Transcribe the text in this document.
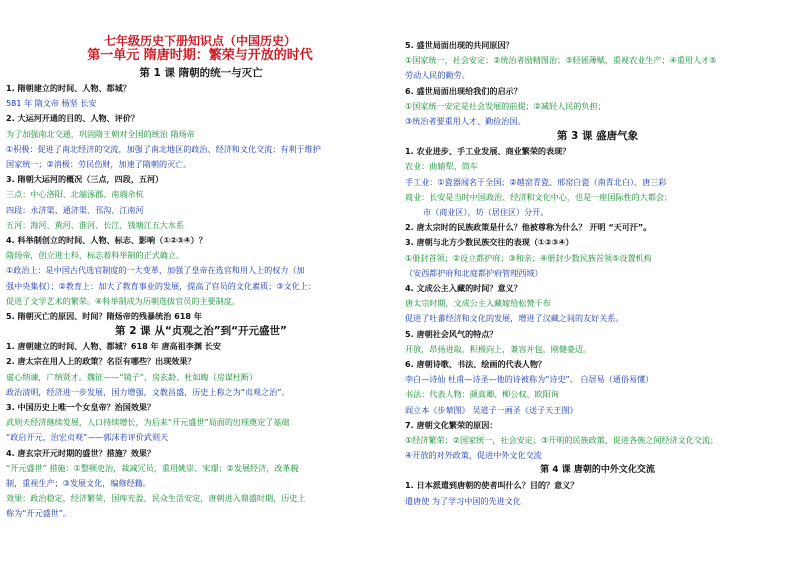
七年级历史下册知识点（中国历史）
第一单元 隋唐时期：繁荣与开放的时代
第 1 课 隋朝的统一与灭亡
1. 隋朝建立的时间、人物、都城？
581 年 隋文帝 杨坚 长安
2. 大运河开通的目的、人物、评价？
为了加强南北交通，巩固隋王朝对全国的统治 隋炀帝
①积极：促进了南北经济的交流，加强了南北地区的政治、经济和文化交流；有利于维护
国家统一；②消极：劳民伤财，加速了隋朝的灭亡。
3. 隋朝大运河的概况（三点，四段，五河）
三点：中心洛阳、北端涿郡、南端余杭
四段：永济渠、通济渠、邗沟、江南河
五河：海河、黄河、淮河、长江，钱塘江五大水系
4. 科举制创立的时间、人物、标志、影响（①②③④）？
隋炀帝，创立进士科，标志着科举制的正式确立。
①政治上：是中国古代选官制度的一大变革，加强了皇帝在选官和用人上的权力（加
强中央集权）；②教育上：加大了教育事业的发展，提高了官员的文化素质；③文化上：
促进了文学艺术的繁荣。④科举制成为历朝选拔官员的主要制度。
5. 隋朝灭亡的原因、时间？隋炀帝的残暴统治 618 年
第 2 课 从“贞观之治”到“开元盛世”
1. 唐朝建立的时间、人物、都城？618 年 唐高祖李渊 长安
2. 唐太宗在用人上的政策？名臣有哪些？出现效果？
虚心纳谏，广纳贤才。魏征——“镜子”，房玄龄、杜如晦（房谋杜断）
政治清明，经济进一步发展，国力增强，文教昌盛，历史上称之为“贞观之治”。
3. 中国历史上唯一个女皇帝？治国效果？
武则天经济继续发展，人口持续增长，为后来“开元盛世”局面的出现奠定了基础
“政启开元，治宏贞观”——郭沫若评价武则天
4. 唐玄宗开元时期的盛世？措施？效果？
“开元盛世” 措施：①整顿吏治，裁减冗员，重用姚崇、宋璟；②发展经济，改革税
制，重视生产；③发展文化，编修经籍。
效果：政治稳定，经济繁荣，国库充盈，民众生活安定，唐朝进入鼎盛时期，历史上
称为“开元盛世”。
5. 盛世局面出现的共同原因？
①国家统一，社会安定；②统治者励精图治；③轻徭薄赋，重视农业生产；④重用人才⑤
劳动人民的勤劳。
6. 盛世局面出现给我们的启示？
①国家统一安定是社会发展的前提；②减轻人民的负担；
③统治者要重用人才、勤俭治国。
第 3 课 盛唐气象
1. 农业进步、手工业发展、商业繁荣的表现？
农业：曲辕犁、筒车
手工业：①瓷器闻名于全国；②越窑青瓷、邢窑白瓷（南青北白）、唐三彩
商业：长安是当时中国政治、经济和文化中心，也是一座国际性的大都会；
市（商业区），坊（居住区）分开。
2. 唐太宗时的民族政策是什么？他被尊称为什么？ 开明 “天可汗”。
3. 唐朝与北方少数民族交往的表现（①②③④）
①册封首领；②设立都护府；③和亲；④册封少数民族首领⑤设置机构
（安西都护府和北庭都护府管理西域）
4. 文成公主入藏的时间？意义？
唐太宗时期，文成公主入藏嫁给松赞干布
促进了吐蕃经济和文化的发展，增进了汉藏之间的友好关系。
5. 唐朝社会风气的特点？
开放，昂扬进取，积极向上，兼容并包，刚健豪迈。
6. 唐朝诗歌、书法、绘画的代表人物？
李白—诗仙 杜甫—诗圣—他的诗被称为“诗史”。 白居易（通俗易懂）
书法：代表人物：颜真卿、柳公权、欧阳询
阎立本《步辇图》 吴道子一画圣《送子天王图》
7. 唐朝文化繁荣的原因：
①经济繁荣；②国家统一，社会安定；③开明的民族政策，促进各族之间经济文化交流；
④开放的对外政策，促进中外文化交流
第 4 课 唐朝的中外文化交流
1. 日本派遣到唐朝的使者叫什么？目的？意义？
遣唐使 为了学习中国的先进文化
